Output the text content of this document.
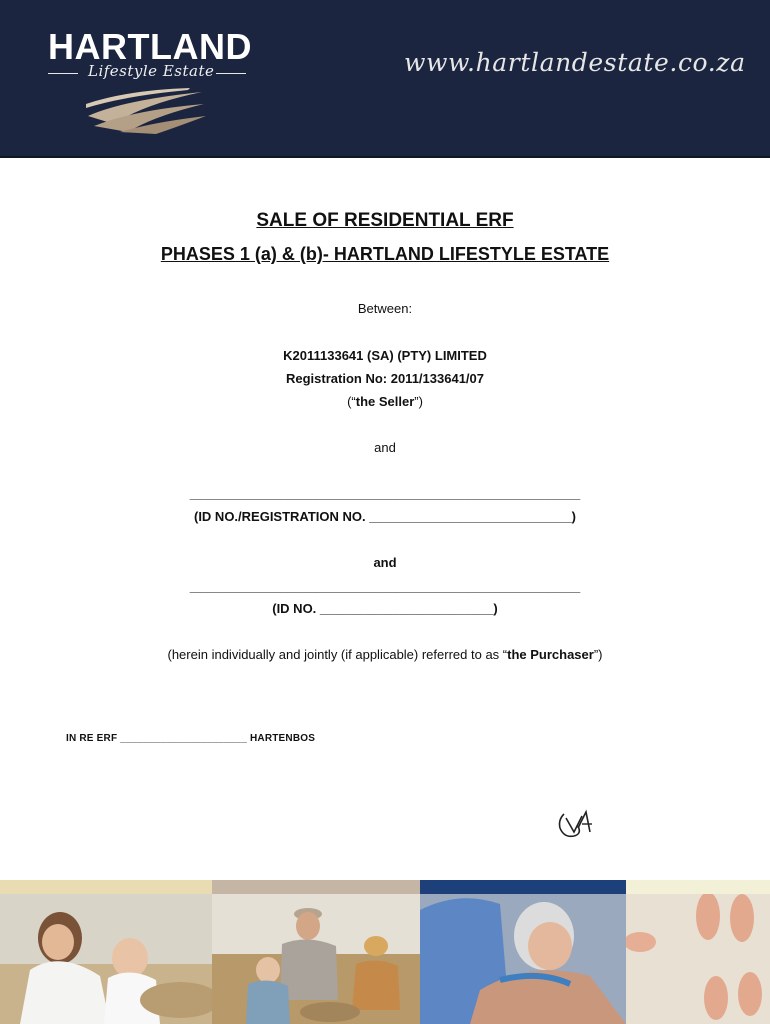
HARTLAND
Lifestyle Estate	www.hartlandestate.co.za
SALE OF RESIDENTIAL ERF
PHASES 1 (a) & (b)- HARTLAND LIFESTYLE ESTATE
Between:
K2011133641 (SA) (PTY) LIMITED
Registration No: 2011/133641/07
(“the Seller”)
and
______________________________________________________
(ID NO./REGISTRATION NO. ____________________________)
and
______________________________________________________
(ID NO. ________________________)
(herein individually and jointly (if applicable) referred to as “the Purchaser”)
IN RE ERF ______________________ HARTENBOS
